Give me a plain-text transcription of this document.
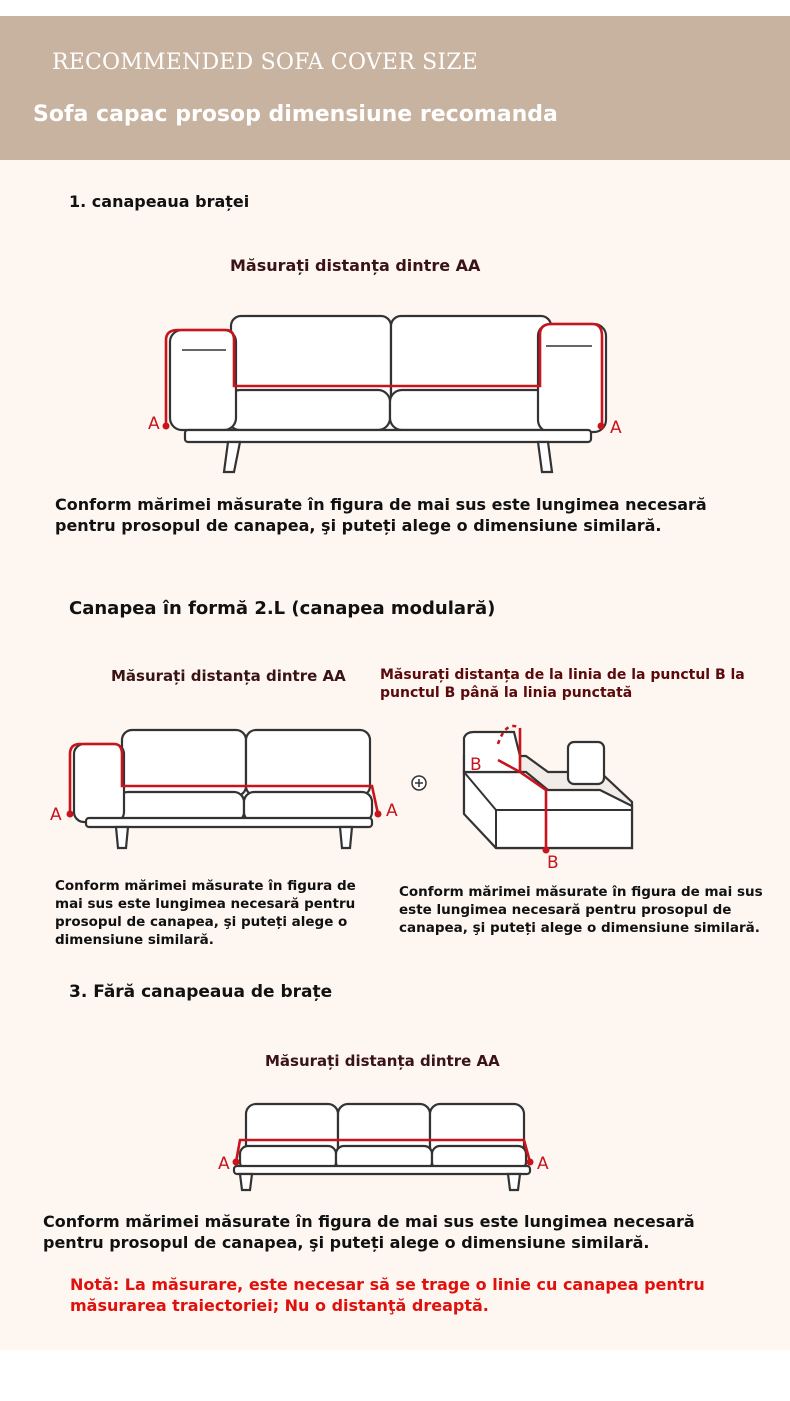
RECOMMENDED SOFA COVER SIZE
Sofa capac prosop dimensiune recomanda
1. canapeaua braței
Măsurați distanța dintre AA
A	A
Conform mărimei măsurate în figura de mai sus este lungimea necesară pentru prosopul de canapea, şi puteți alege o dimensiune similară.
Canapea în formă 2.L (canapea modulară)
Măsurați distanța dintre AA Măsurați distanța de la linia de la punctul B la punctul B până la linia punctată
A	A
B
B
Conform mărimei măsurate în figura de mai sus este lungimea necesară pentru prosopul de canapea, şi puteți alege o dimensiune similară.
Conform mărimei măsurate în figura de mai sus este lungimea necesară pentru prosopul de canapea, şi puteți alege o dimensiune similară.
3. Fără canapeaua de brațe
Măsurați distanța dintre AA
A	A
Conform mărimei măsurate în figura de mai sus este lungimea necesară pentru prosopul de canapea, şi puteți alege o dimensiune similară.
Notă: La măsurare, este necesar să se trage o linie cu canapea pentru măsurarea traiectoriei; Nu o distanţă dreaptă.
